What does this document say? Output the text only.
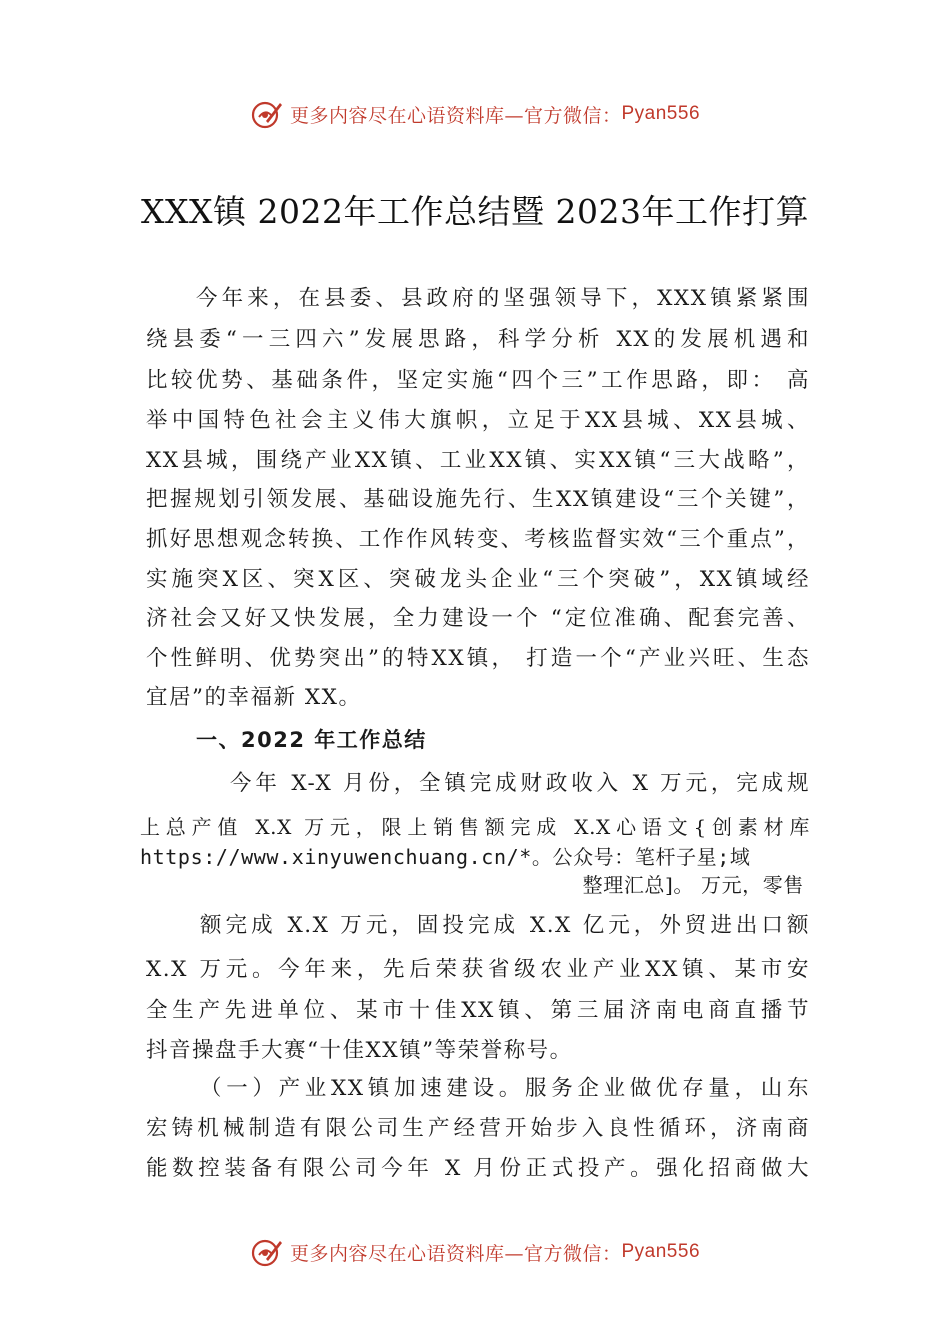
更多内容尽在心语资料库—官方微信： Pyan556
XXX镇 2022年工作总结暨 2023年工作打算
今年来，在县委、县政府的坚强领导下，XXX镇紧紧围
绕县委“一三四六”发展思路，科学分析 XX的发展机遇和
比较优势、基础条件，坚定实施“四个三”工作思路，即： 高
举中国特色社会主义伟大旗帜，立足于XX县城、XX县城、
XX县城，围绕产业XX镇、工业XX镇、实XX镇“三大战略”，
把握规划引领发展、基础设施先行、生XX镇建设“三个关键”，
抓好思想观念转换、工作作风转变、考核监督实效“三个重点”，
实施突X区、突X区、突破龙头企业“三个突破”，XX镇域经
济社会又好又快发展，全力建设一个 “定位准确、配套完善、
个性鲜明、优势突出”的特XX镇， 打造一个“产业兴旺、生态
宜居”的幸福新 XX。
一、2022 年工作总结
今年 X-X 月份，全镇完成财政收入 X 万元，完成规
上总产值 X.X 万元，限上销售额完成 X.X心语文{创素材库
https://www.xinyuwenchuang.cn/*。公众号：笔杆子星;域
整理汇总]。 万元，零售
额完成 X.X 万元，固投完成 X.X 亿元，外贸进出口额
X.X 万元。今年来，先后荣获省级农业产业XX镇、某市安
全生产先进单位、某市十佳XX镇、第三届济南电商直播节
抖音操盘手大赛“十佳XX镇”等荣誉称号。
（一）产业XX镇加速建设。服务企业做优存量，山东
宏铸机械制造有限公司生产经营开始步入良性循环，济南商
能数控装备有限公司今年 X 月份正式投产。强化招商做大
更多内容尽在心语资料库—官方微信： Pyan556
